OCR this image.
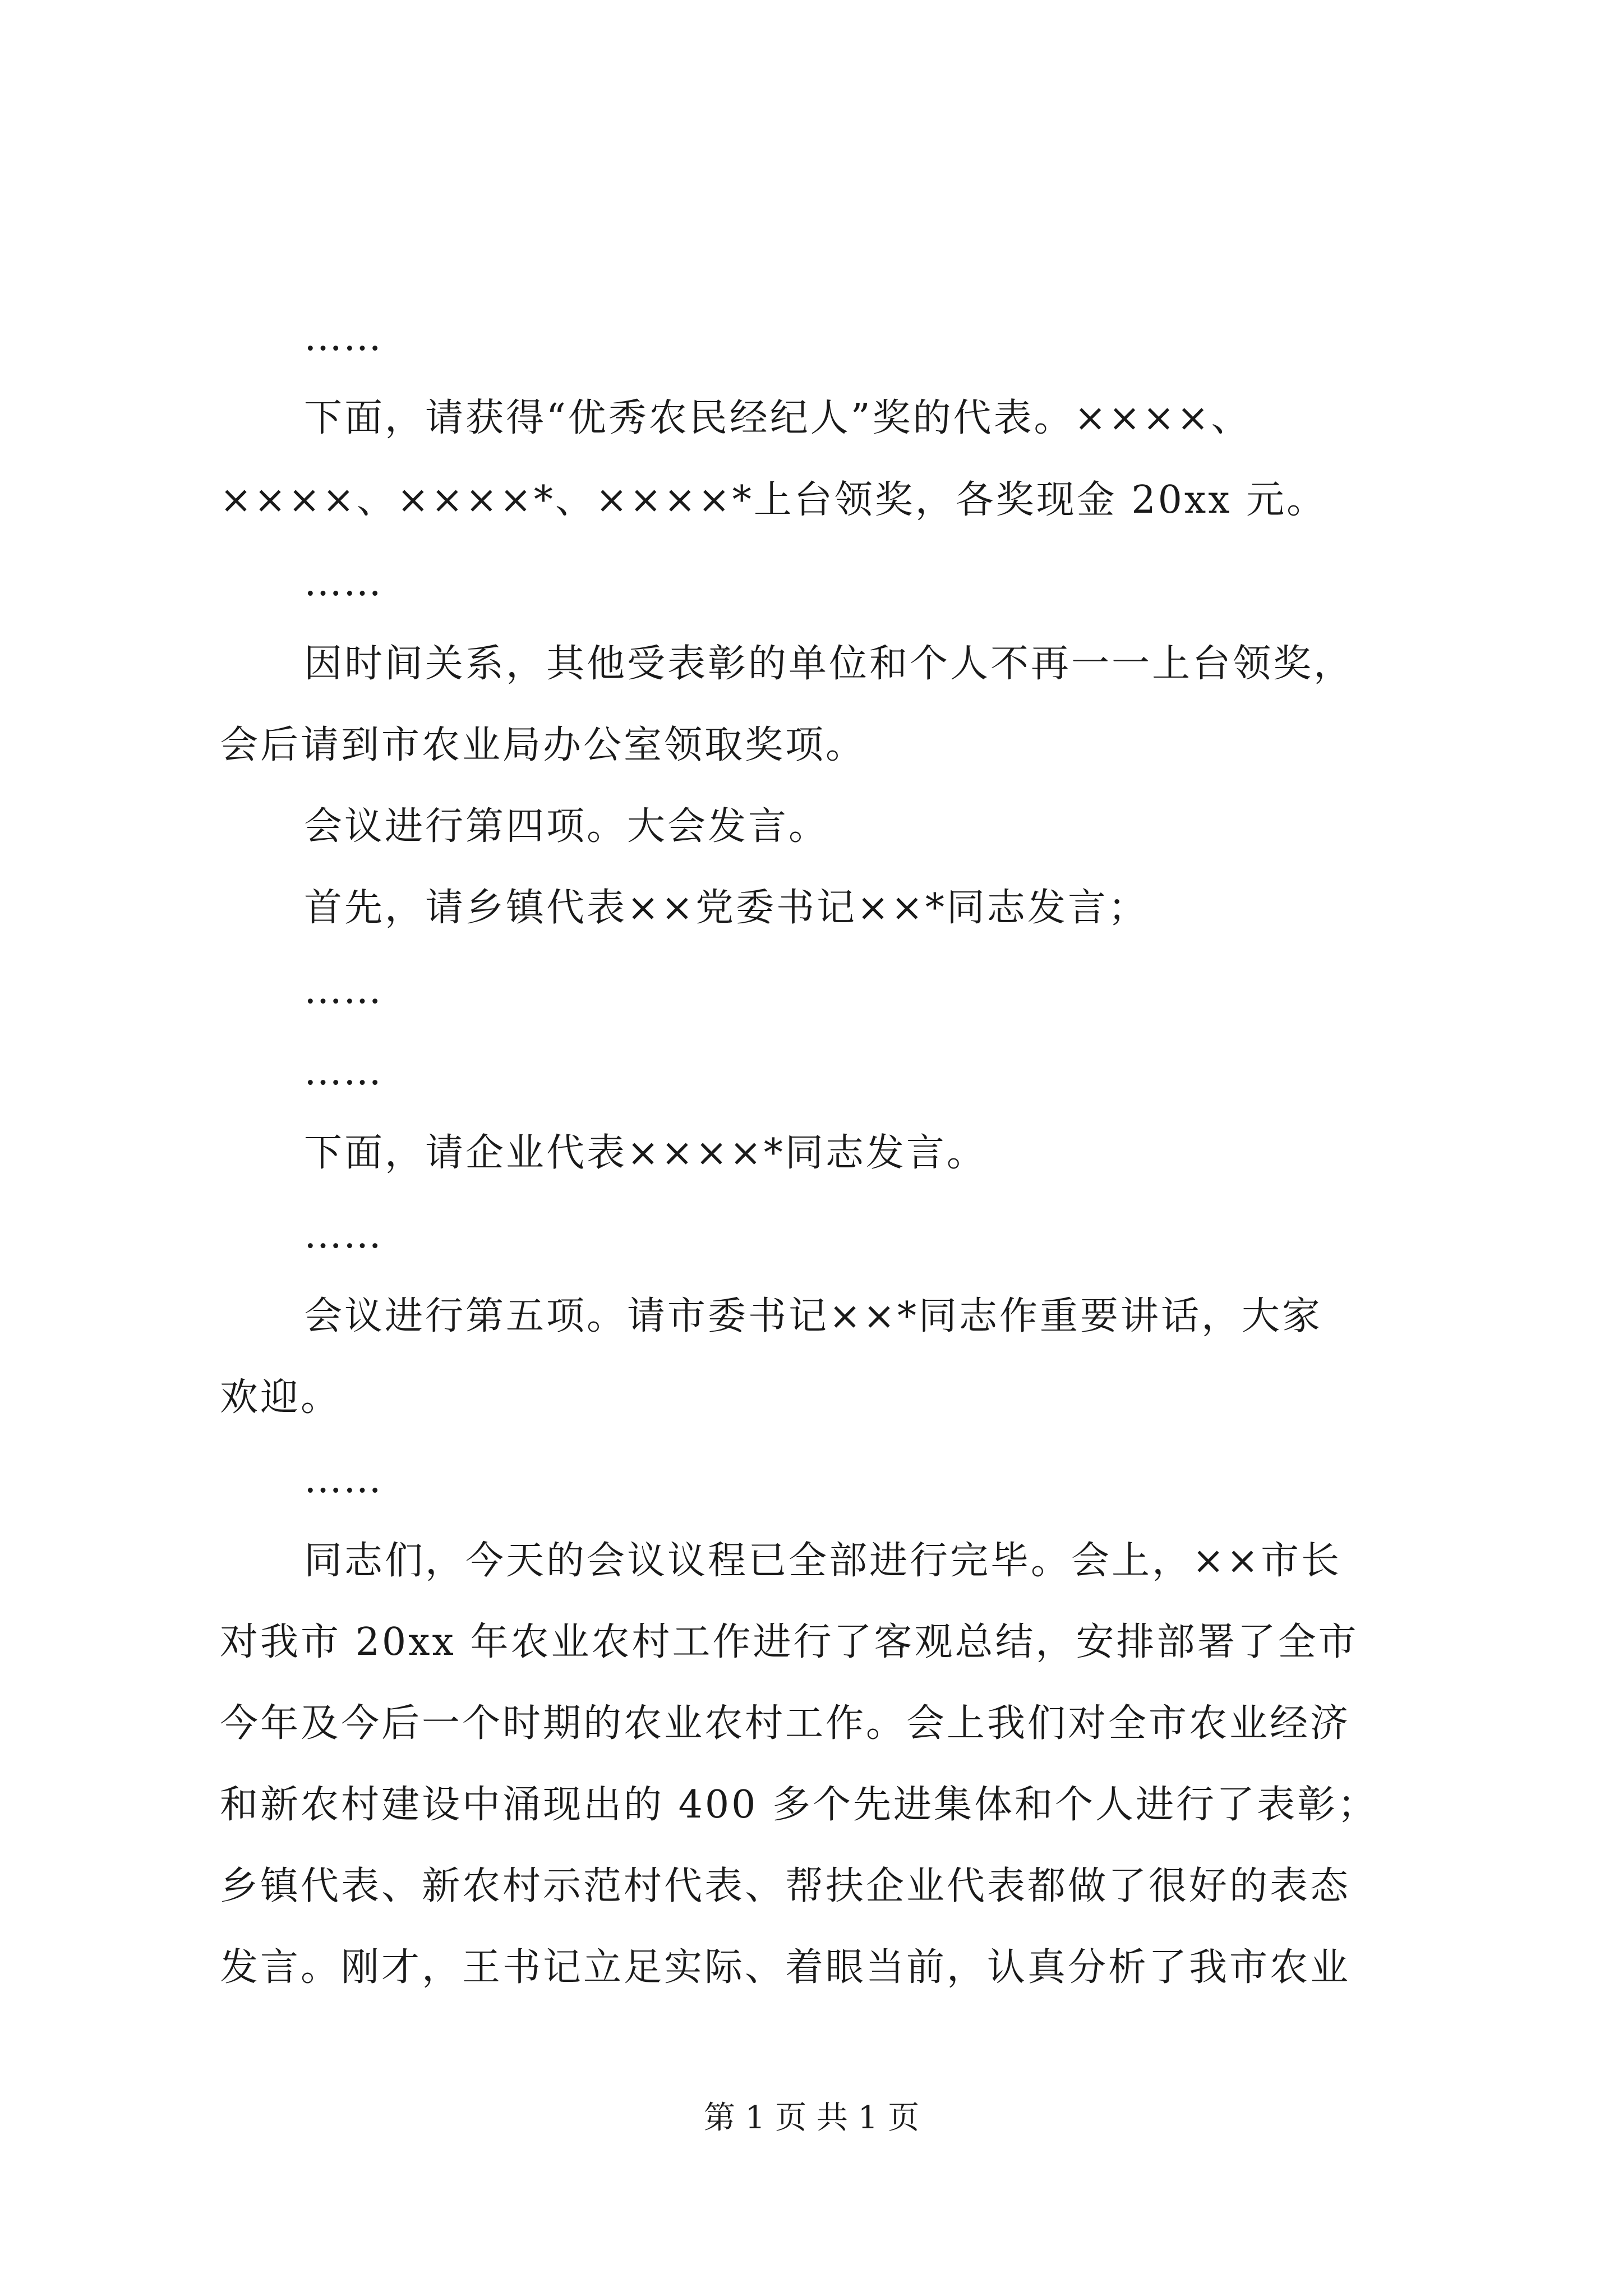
……
下面，请获得“优秀农民经纪人”奖的代表。××××、
××××、××××*、××××*上台领奖，各奖现金 20xx 元。
……
因时间关系，其他受表彰的单位和个人不再一一上台领奖，
会后请到市农业局办公室领取奖项。
会议进行第四项。大会发言。
首先，请乡镇代表××党委书记××*同志发言；
……
……
下面，请企业代表××××*同志发言。
……
会议进行第五项。请市委书记××*同志作重要讲话，大家
欢迎。
……
同志们，今天的会议议程已全部进行完毕。会上，××市长
对我市 20xx 年农业农村工作进行了客观总结，安排部署了全市
今年及今后一个时期的农业农村工作。会上我们对全市农业经济
和新农村建设中涌现出的 400 多个先进集体和个人进行了表彰；
乡镇代表、新农村示范村代表、帮扶企业代表都做了很好的表态
发言。刚才，王书记立足实际、着眼当前，认真分析了我市农业
第 1 页 共 1 页
